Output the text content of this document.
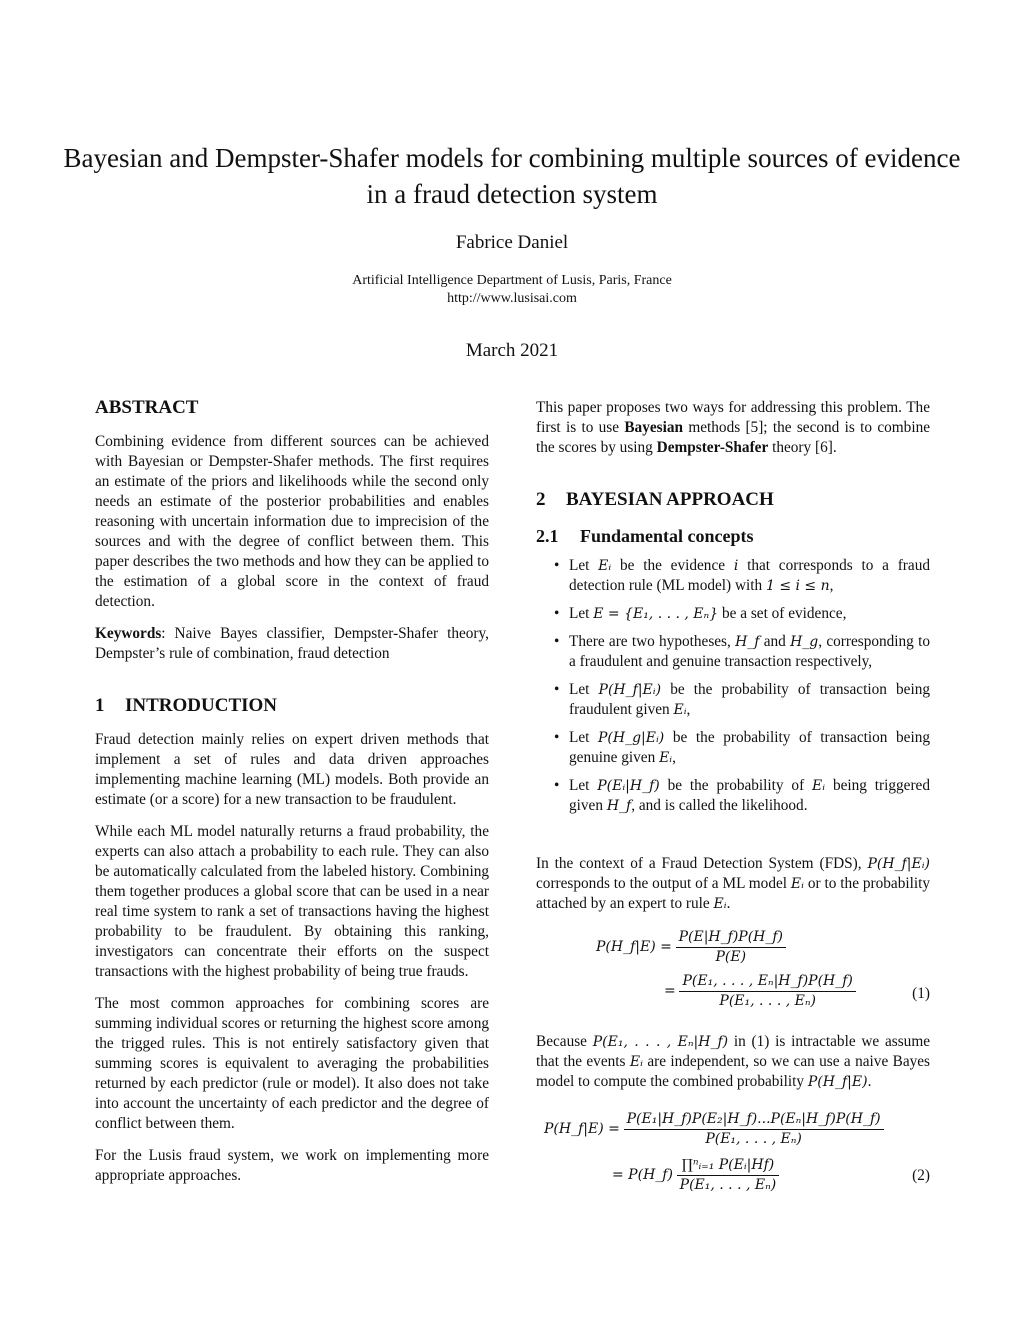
Bayesian and Dempster-Shafer models for combining multiple sources of evidence in a fraud detection system
Fabrice Daniel
Artificial Intelligence Department of Lusis, Paris, France
http://www.lusisai.com
March 2021
ABSTRACT

Combining evidence from different sources can be achieved with Bayesian or Dempster-Shafer methods. The first requires an estimate of the priors and likelihoods while the second only needs an estimate of the posterior probabilities and enables reasoning with uncertain information due to imprecision of the sources and with the degree of conflict between them. This paper describes the two methods and how they can be applied to the estimation of a global score in the context of fraud detection.

Keywords: Naive Bayes classifier, Dempster-Shafer theory, Dempster’s rule of combination, fraud detection

1 INTRODUCTION

Fraud detection mainly relies on expert driven methods that implement a set of rules and data driven approaches implementing machine learning (ML) models. Both provide an estimate (or a score) for a new transaction to be fraudulent.

While each ML model naturally returns a fraud probability, the experts can also attach a probability to each rule. They can also be automatically calculated from the labeled history. Combining them together produces a global score that can be used in a near real time system to rank a set of transactions having the highest probability to be fraudulent. By obtaining this ranking, investigators can concentrate their efforts on the suspect transactions with the highest probability of being true frauds.

The most common approaches for combining scores are summing individual scores or returning the highest score among the trigged rules. This is not entirely satisfactory given that summing scores is equivalent to averaging the probabilities returned by each predictor (rule or model). It also does not take into account the uncertainty of each predictor and the degree of conflict between them.

For the Lusis fraud system, we work on implementing more appropriate approaches.

This paper proposes two ways for addressing this problem. The first is to use Bayesian methods [5]; the second is to combine the scores by using Dempster-Shafer theory [6].

2 BAYESIAN APPROACH
2.1 Fundamental concepts
• Let Eᵢ be the evidence i that corresponds to a fraud detection rule (ML model) with 1 ≤ i ≤ n,
• Let E = {E₁, . . . , Eₙ} be a set of evidence,
• There are two hypotheses, H_f and H_g, corresponding to a fraudulent and genuine transaction respectively,
• Let P(H_f|Eᵢ) be the probability of transaction being fraudulent given Eᵢ,
• Let P(H_g|Eᵢ) be the probability of transaction being genuine given Eᵢ,
• Let P(Eᵢ|H_f) be the probability of Eᵢ being triggered given H_f, and is called the likelihood.

In the context of a Fraud Detection System (FDS), P(H_f|Eᵢ) corresponds to the output of a ML model Eᵢ or to the probability attached by an expert to rule Eᵢ.

P(H_f|E) = $\frac{P(E|H\_f)P(H\_f)}{P(E)}$
= $\frac{\text{P(E₁, . . . , Eₙ|H\_f)P(H\_f)}}{\text{P(E₁, . . . , Eₙ)}}$	(1)

Because P(E₁, . . . , Eₙ|H_f) in (1) is intractable we assume that the events Eᵢ are independent, so we can use a naive Bayes model to compute the combined probability P(H_f|E).

P(H_f|E) = $\frac{\text{P(E₁|H\_f)P(E₂|H\_f)...P(Eₙ|H\_f)P(H\_f)}}{\text{P(E₁, . . . , Eₙ)}}$
= P(H_f) $\frac{\text{∏ⁿᵢ₌₁ P(Eᵢ|Hf)}}{\text{P(E₁, . . . , Eₙ)}}$	(2)
